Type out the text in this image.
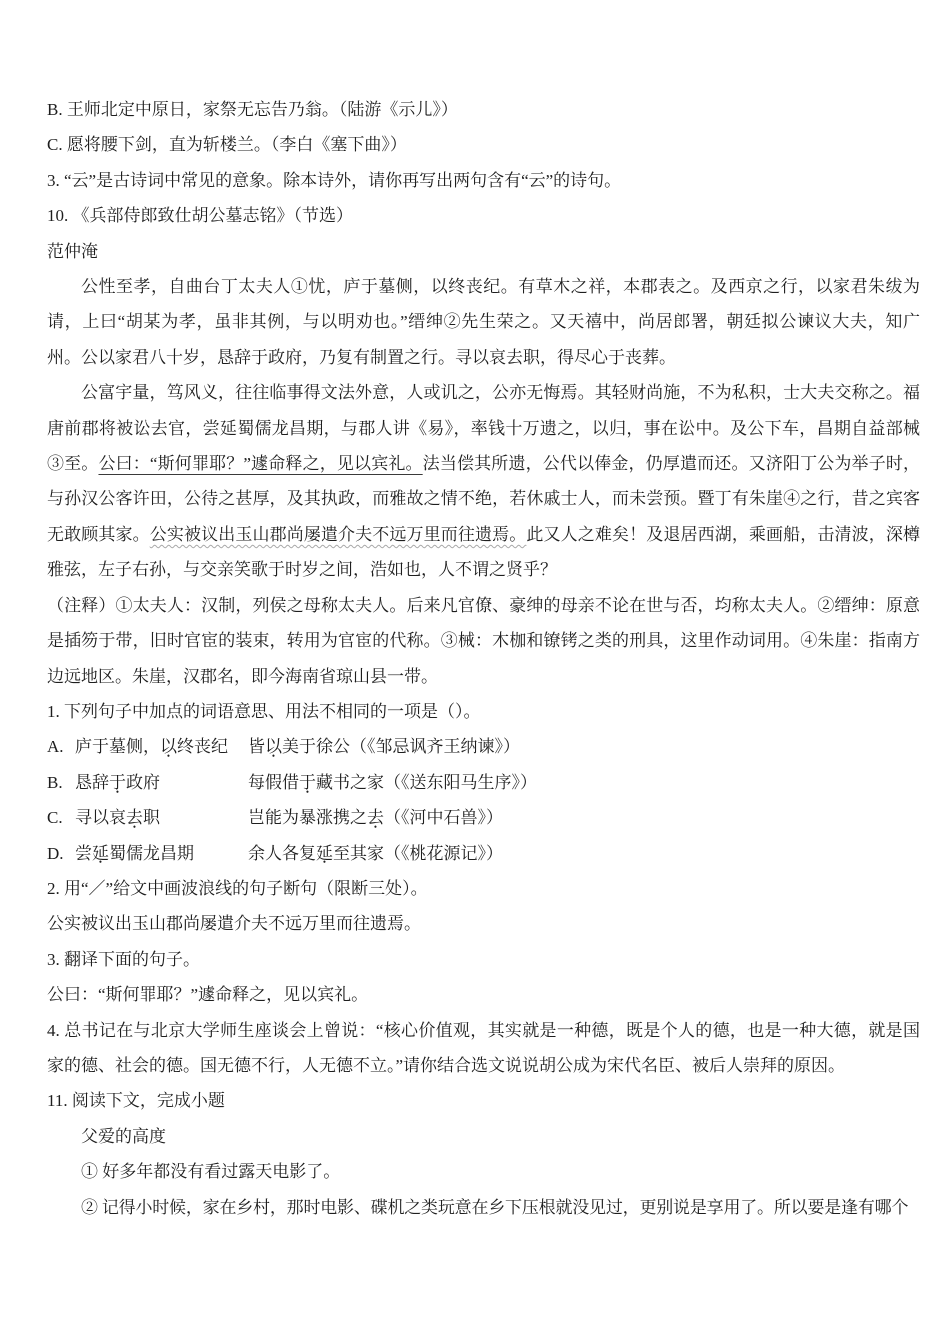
B. 王师北定中原日，家祭无忘告乃翁。（陆游《示儿》）

C. 愿将腰下剑，直为斩楼兰。（李白《塞下曲》）

3. “云”是古诗词中常见的意象。除本诗外，请你再写出两句含有“云”的诗句。

10. 《兵部侍郎致仕胡公墓志铭》（节选）

范仲淹

公性至孝，自曲台丁太夫人①忧，庐于墓侧，以终丧纪。有草木之祥，本郡表之。及西京之行，以家君朱绂为请，上曰“胡某为孝，虽非其例，与以明劝也。”缙绅②先生荣之。又天禧中，尚居郎署，朝廷拟公谏议大夫，知广州。公以家君八十岁，恳辞于政府，乃复有制置之行。寻以哀去职，得尽心于丧葬。

公富宇量，笃风义，往往临事得文法外意，人或讥之，公亦无悔焉。其轻财尚施，不为私积，士大夫交称之。福唐前郡将被讼去官，尝延蜀儒龙昌期，与郡人讲《易》，率钱十万遗之，以归，事在讼中。及公下车，昌期自益部械③至。公曰：“斯何罪耶？”遽命释之，见以宾礼。法当偿其所遗，公代以俸金，仍厚遣而还。又济阳丁公为举子时，与孙汉公客许田，公待之甚厚，及其执政，而雅故之情不绝，若休戚士人，而未尝预。暨丁有朱崖④之行，昔之宾客无敢顾其家。公实被议出玉山郡尚屡遣介夫不远万里而往遗焉。此又人之难矣！及退居西湖，乘画船，击清波，深樽雅弦，左子右孙，与交亲笑歌于时岁之间，浩如也，人不谓之贤乎？

（注释）①太夫人：汉制，列侯之母称太夫人。后来凡官僚、豪绅的母亲不论在世与否，均称太夫人。②缙绅：原意是插笏于带，旧时官宦的装束，转用为官宦的代称。③械：木枷和镣铐之类的刑具，这里作动词用。④朱崖：指南方边远地区。朱崖，汉郡名，即今海南省琼山县一带。

1. 下列句子中加点的词语意思、用法不相同的一项是（）。

A. 庐于墓侧，以终丧纪	皆以美于徐公（《邹忌讽齐王纳谏》）
B. 恳辞于政府	每假借于藏书之家（《送东阳马生序》）
C. 寻以哀去职	岂能为暴涨携之去（《河中石兽》）
D. 尝延蜀儒龙昌期	余人各复延至其家（《桃花源记》）

2. 用“／”给文中画波浪线的句子断句（限断三处）。

公实被议出玉山郡尚屡遣介夫不远万里而往遗焉。

3. 翻译下面的句子。

公曰：“斯何罪耶？”遽命释之，见以宾礼。

4. 总书记在与北京大学师生座谈会上曾说：“核心价值观，其实就是一种德，既是个人的德，也是一种大德，就是国家的德、社会的德。国无德不行，人无德不立。”请你结合选文说说胡公成为宋代名臣、被后人崇拜的原因。

11. 阅读下文，完成小题

父爱的高度

① 好多年都没有看过露天电影了。

② 记得小时候，家在乡村，那时电影、碟机之类玩意在乡下压根就没见过，更别说是享用了。所以要是逢有哪个
